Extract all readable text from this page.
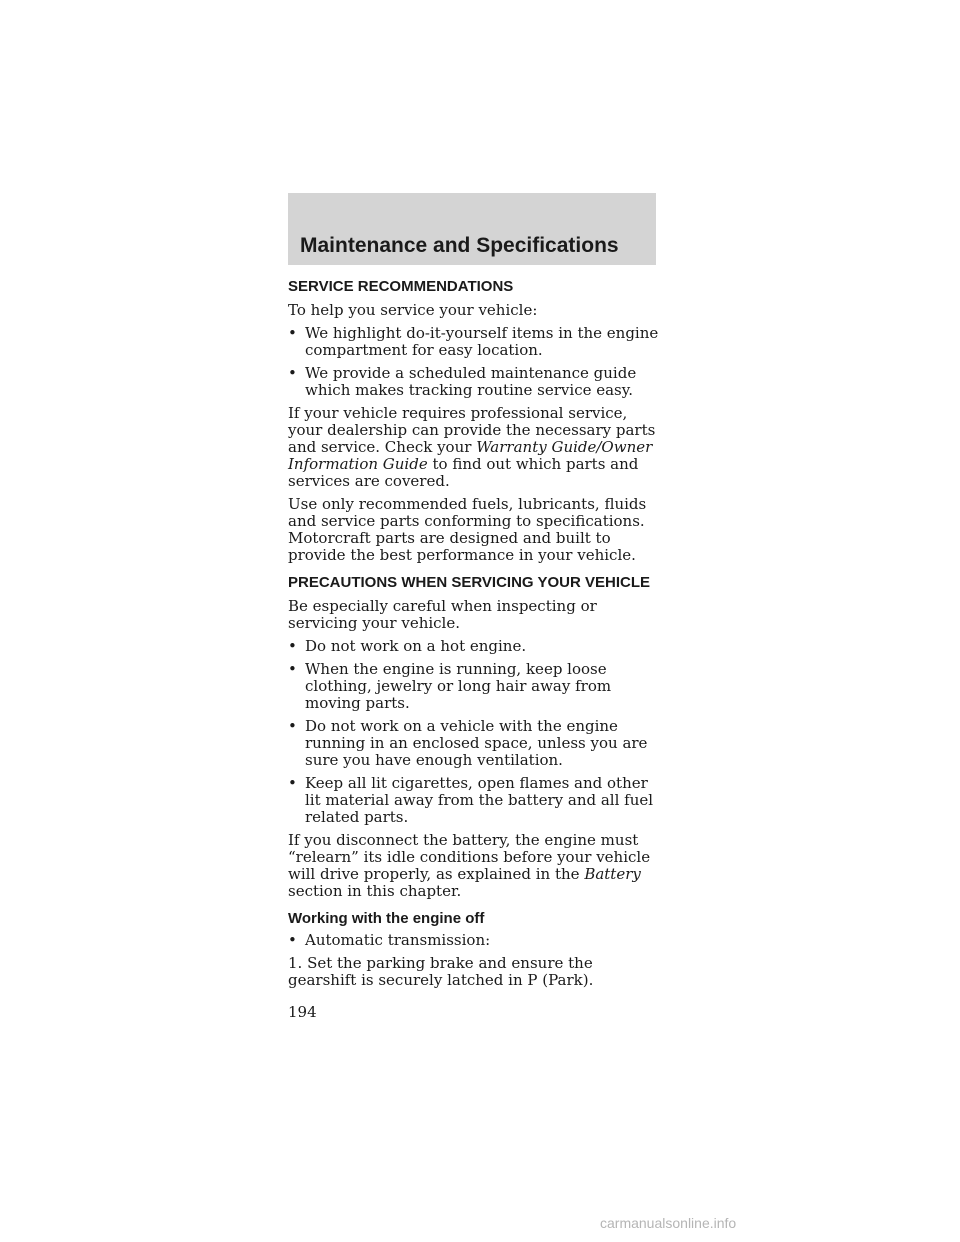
Maintenance and Specifications
SERVICE RECOMMENDATIONS
To help you service your vehicle:
• We highlight do-it-yourself items in the engine compartment for easy location.
• We provide a scheduled maintenance guide which makes tracking routine service easy.
If your vehicle requires professional service, your dealership can provide the necessary parts and service. Check your Warranty Guide/Owner Information Guide to find out which parts and services are covered.
Use only recommended fuels, lubricants, fluids and service parts conforming to specifications. Motorcraft parts are designed and built to provide the best performance in your vehicle.
PRECAUTIONS WHEN SERVICING YOUR VEHICLE
Be especially careful when inspecting or servicing your vehicle.
• Do not work on a hot engine.
• When the engine is running, keep loose clothing, jewelry or long hair away from moving parts.
• Do not work on a vehicle with the engine running in an enclosed space, unless you are sure you have enough ventilation.
• Keep all lit cigarettes, open flames and other lit material away from the battery and all fuel related parts.
If you disconnect the battery, the engine must “relearn” its idle conditions before your vehicle will drive properly, as explained in the Battery section in this chapter.
Working with the engine off
• Automatic transmission:
1. Set the parking brake and ensure the gearshift is securely latched in P (Park).
194
carmanualsonline.info
